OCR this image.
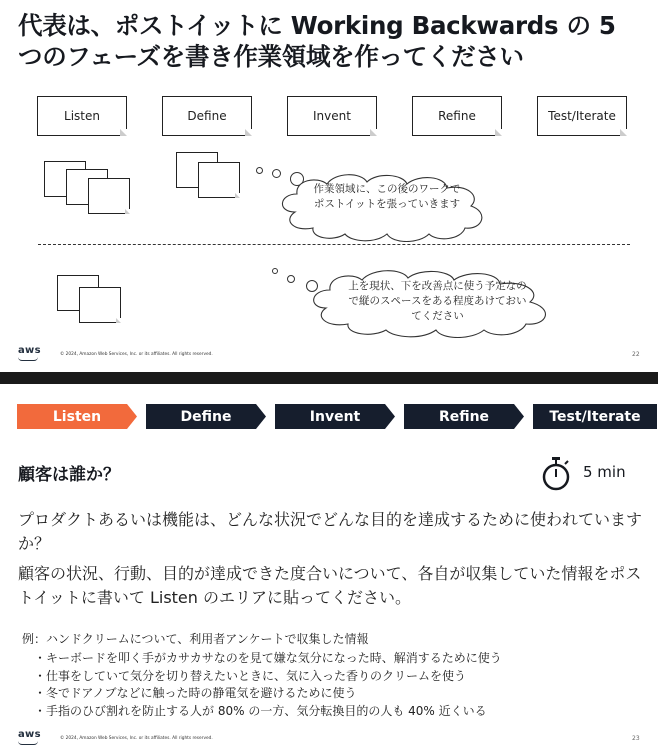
代表は、ポストイットに Working Backwards の 5 つのフェーズを書き作業領域を作ってください
Listen	Define	Invent	Refine	Test/Iterate
作業領域に、この後のワークでポストイットを張っていきます
上を現状、下を改善点に使う予定なので縦のスペースをある程度あけておいてください
aws	© 2024, Amazon Web Services, Inc. or its affiliates. All rights reserved.	22
Listen	Define	Invent	Refine	Test/Iterate
顧客は誰か？	5 min
プロダクトあるいは機能は、どんな状況でどんな目的を達成するために使われていますか？
顧客の状況、行動、目的が達成できた度合いについて、各自が収集していた情報をポストイットに書いて Listen のエリアに貼ってください。
例：ハンドクリームについて、利用者アンケートで収集した情報
・ キーボードを叩く手がカサカサなのを見て嫌な気分になった時、解消するために使う
・ 仕事をしていて気分を切り替えたいときに、気に入った香りのクリームを使う
・ 冬でドアノブなどに触った時の静電気を避けるために使う
・ 手指のひび割れを防止する人が 80% の一方、気分転換目的の人も 40% 近くいる
aws	© 2024, Amazon Web Services, Inc. or its affiliates. All rights reserved.	23
